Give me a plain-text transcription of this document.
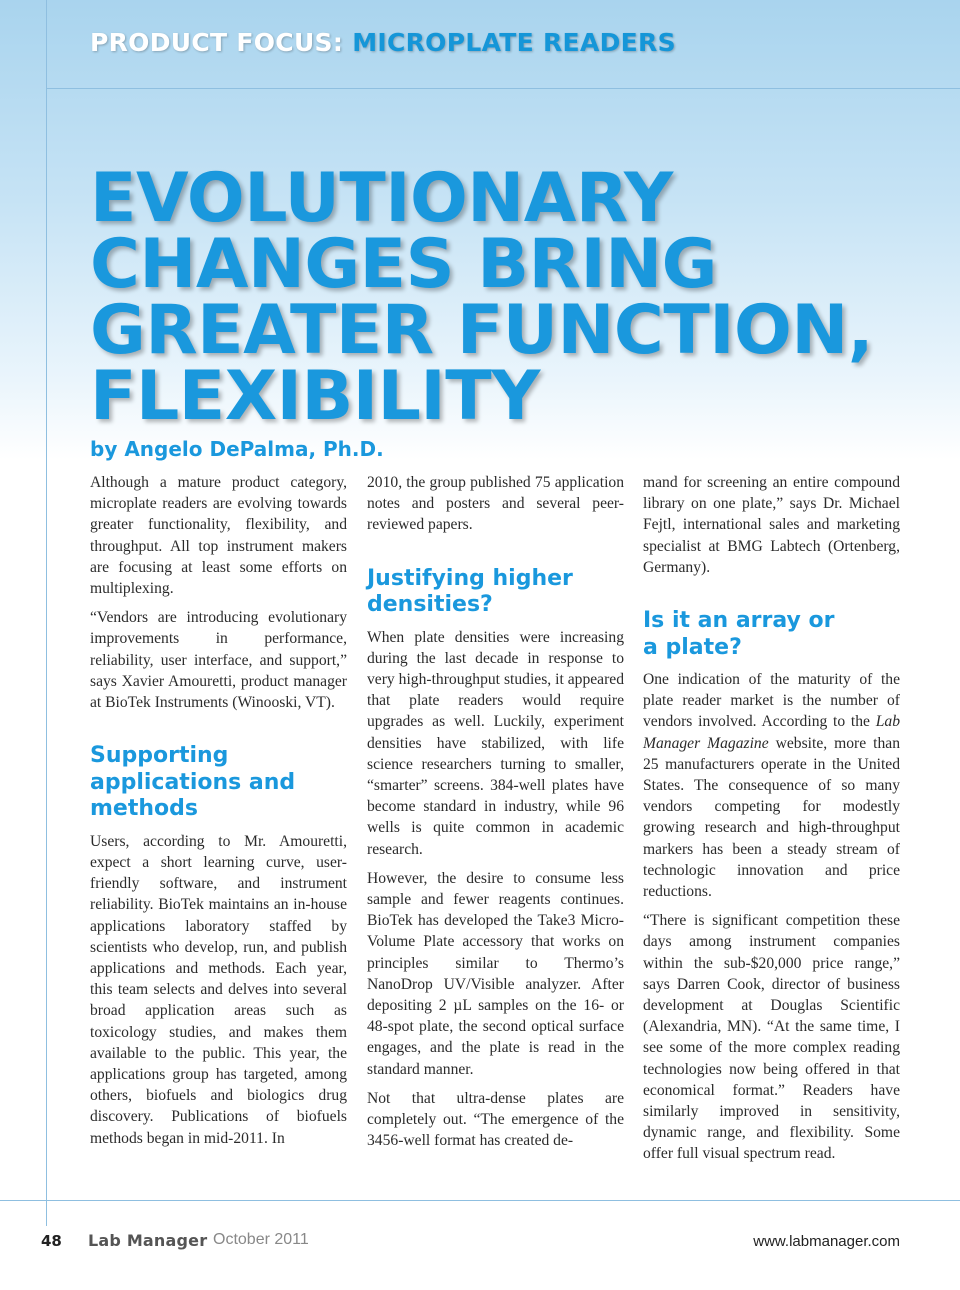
PRODUCT FOCUS: MICROPLATE READERS
EVOLUTIONARY
CHANGES BRING
GREATER FUNCTION,
FLEXIBILITY
by Angelo DePalma, Ph.D.

Although a mature product category, microplate readers are evolving towards greater functionality, flexibility, and throughput. All top instrument makers are focusing at least some efforts on multiplexing.

“Vendors are introducing evolutionary improvements in performance, reliability, user interface, and support,” says Xavier Amouretti, product manager at BioTek Instruments (Winooski, VT).

Supporting applications and methods

Users, according to Mr. Amouretti, expect a short learning curve, user-friendly software, and instrument reliability. BioTek maintains an in-house applications laboratory staffed by scientists who develop, run, and publish applications and methods. Each year, this team selects and delves into several broad application areas such as toxicology studies, and makes them available to the public. This year, the applications group has targeted, among others, biofuels and biologics drug discovery. Publications of biofuels methods began in mid-2011. In

2010, the group published 75 application notes and posters and several peer-reviewed papers.

Justifying higher densities?

When plate densities were increasing during the last decade in response to very high-throughput studies, it appeared that plate readers would require upgrades as well. Luckily, experiment densities have stabilized, with life science researchers turning to smaller, “smarter” screens. 384-well plates have become standard in industry, while 96 wells is quite common in academic research.

However, the desire to consume less sample and fewer reagents continues. BioTek has developed the Take3 Micro-Volume Plate accessory that works on principles similar to Thermo’s NanoDrop UV/Visible analyzer. After depositing 2 µL samples on the 16- or 48-spot plate, the second optical surface engages, and the plate is read in the standard manner.

Not that ultra-dense plates are completely out. “The emergence of the 3456-well format has created de-

mand for screening an entire compound library on one plate,” says Dr. Michael Fejtl, international sales and marketing specialist at BMG Labtech (Ortenberg, Germany).

Is it an array or a plate?

One indication of the maturity of the plate reader market is the number of vendors involved. According to the Lab Manager Magazine website, more than 25 manufacturers operate in the United States. The consequence of so many vendors competing for modestly growing research and high-throughput markers has been a steady stream of technologic innovation and price reductions.

“There is significant competition these days among instrument companies within the sub-$20,000 price range,” says Darren Cook, director of business development at Douglas Scientific (Alexandria, MN). “At the same time, I see some of the more complex reading technologies now being offered in that economical format.” Readers have similarly improved in sensitivity, dynamic range, and flexibility. Some offer full visual spectrum read.

48 Lab Manager October 2011	www.labmanager.com
